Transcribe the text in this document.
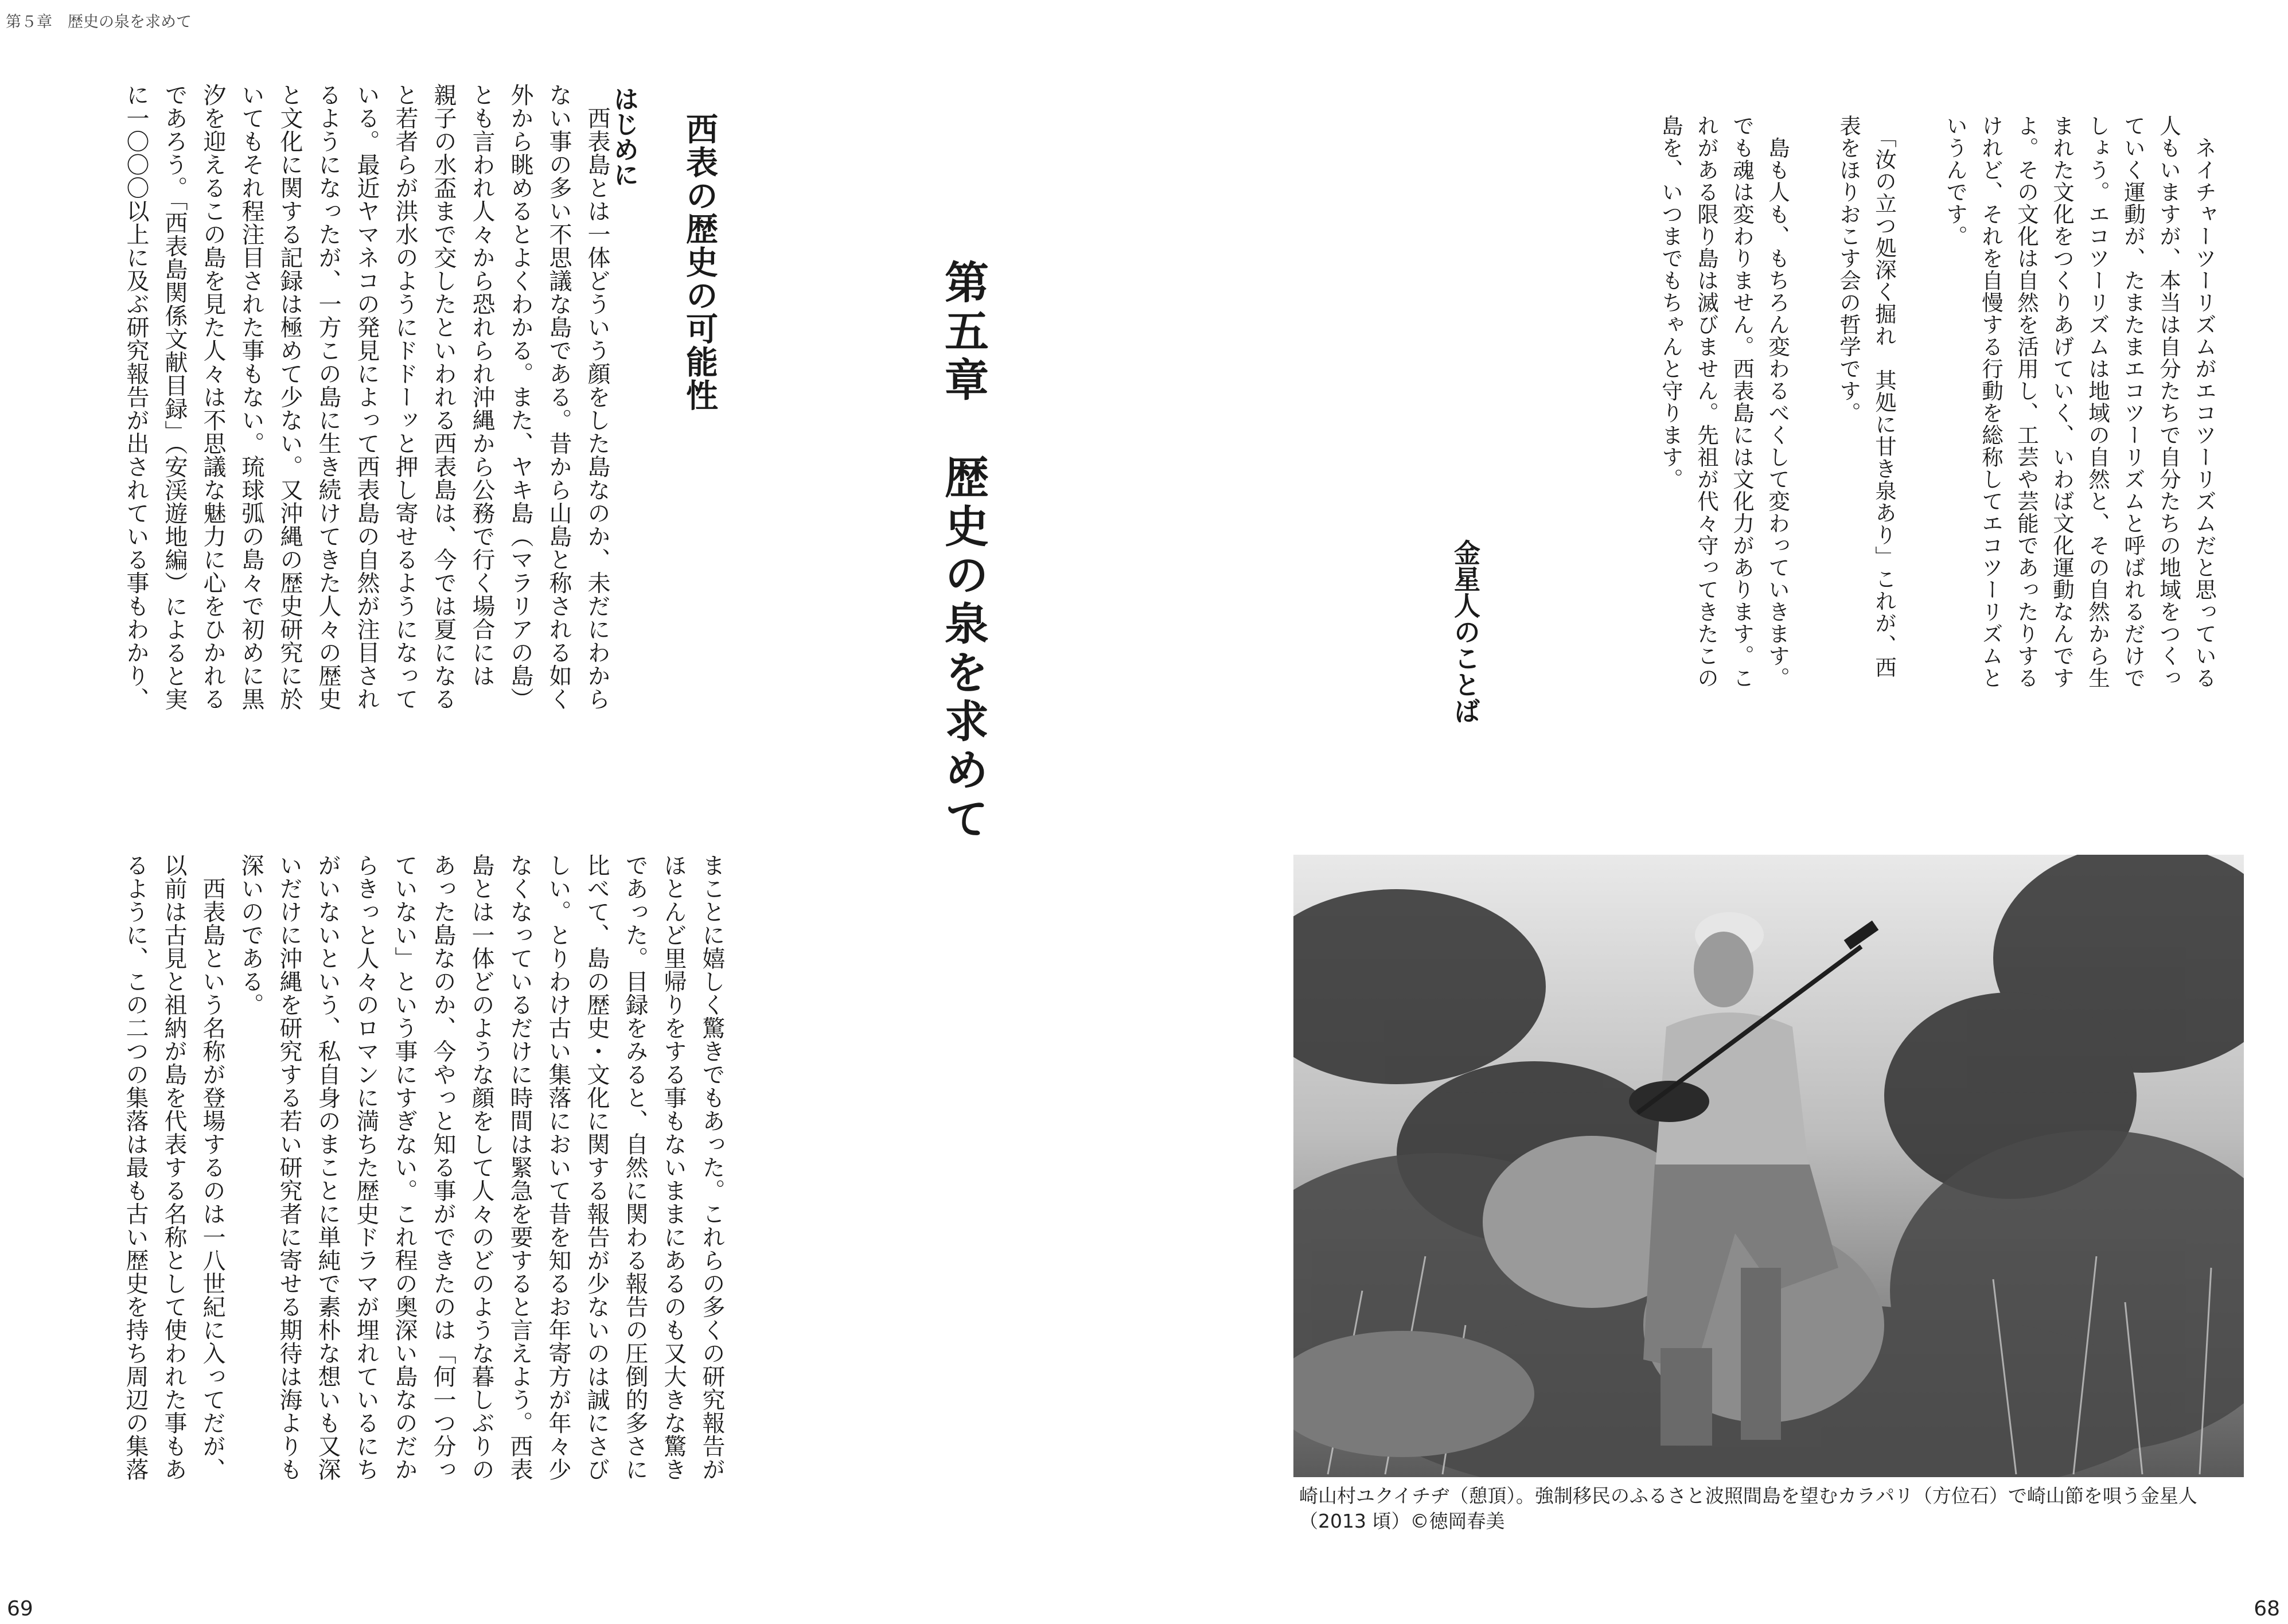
第５章　歴史の泉を求めて
西表の歴史の可能性
はじめに

　西表島とは一体どういう顔をした島なのか、未だにわから
ない事の多い不思議な島である。昔から山島と称される如く
外から眺めるとよくわかる。また、ヤキ島（マラリアの島）
とも言われ人々から恐れられ沖縄から公務で行く場合には
親子の水盃まで交したといわれる西表島は、今では夏になる
と若者らが洪水のようにドドーッと押し寄せるようになって
いる。最近ヤマネコの発見によって西表島の自然が注目され
るようになったが、一方この島に生き続けてきた人々の歴史
と文化に関する記録は極めて少ない。又沖縄の歴史研究に於
いてもそれ程注目された事もない。琉球弧の島々で初めに黒
汐を迎えるこの島を見た人々は不思議な魅力に心をひかれる
であろう。「西表島関係文献目録」（安渓遊地編）によると実
に一〇〇〇以上に及ぶ研究報告が出されている事もわかり、

まことに嬉しく驚きでもあった。これらの多くの研究報告が
ほとんど里帰りをする事もないままにあるのも又大きな驚き
であった。目録をみると、自然に関わる報告の圧倒的多さに
比べて、島の歴史・文化に関する報告が少ないのは誠にさび
しい。とりわけ古い集落において昔を知るお年寄方が年々少
なくなっているだけに時間は緊急を要すると言えよう。西表
島とは一体どのような顔をして人々のどのような暮しぶりの
あった島なのか、今やっと知る事ができたのは「何一つ分っ
ていない」という事にすぎない。これ程の奥深い島なのだか
らきっと人々のロマンに満ちた歴史ドラマが埋れているにち
がいないという、私自身のまことに単純で素朴な想いも又深
いだけに沖縄を研究する若い研究者に寄せる期待は海よりも
深いのである。
　西表島という名称が登場するのは一八世紀に入ってだが、
以前は古見と祖納が島を代表する名称として使われた事もあ
るように、この二つの集落は最も古い歴史を持ち周辺の集落

69
第五章　歴史の泉を求めて	　ネイチャーツーリズムがエコツーリズムだと思っている
人もいますが、本当は自分たちで自分たちの地域をつくっ
ていく運動が、たまたまエコツーリズムと呼ばれるだけで
しょう。エコツーリズムは地域の自然と、その自然から生
まれた文化をつくりあげていく、いわば文化運動なんです
よ。その文化は自然を活用し、工芸や芸能であったりする
けれど、それを自慢する行動を総称してエコツーリズムと
いうんです。

　「汝の立つ処深く掘れ　其処に甘き泉あり」これが、西
表をほりおこす会の哲学です。

　島も人も、もちろん変わるべくして変わっていきます。
でも魂は変わりません。西表島には文化力があります。こ
れがある限り島は滅びません。先祖が代々守ってきたこの
島を、いつまでもちゃんと守ります。

金星人のことば

崎山村ユクイチヂ（憩頂）。強制移民のふるさと波照間島を望むカラパリ（方位石）で崎山節を唄う金星人
（2013 頃）©徳岡春美

68
